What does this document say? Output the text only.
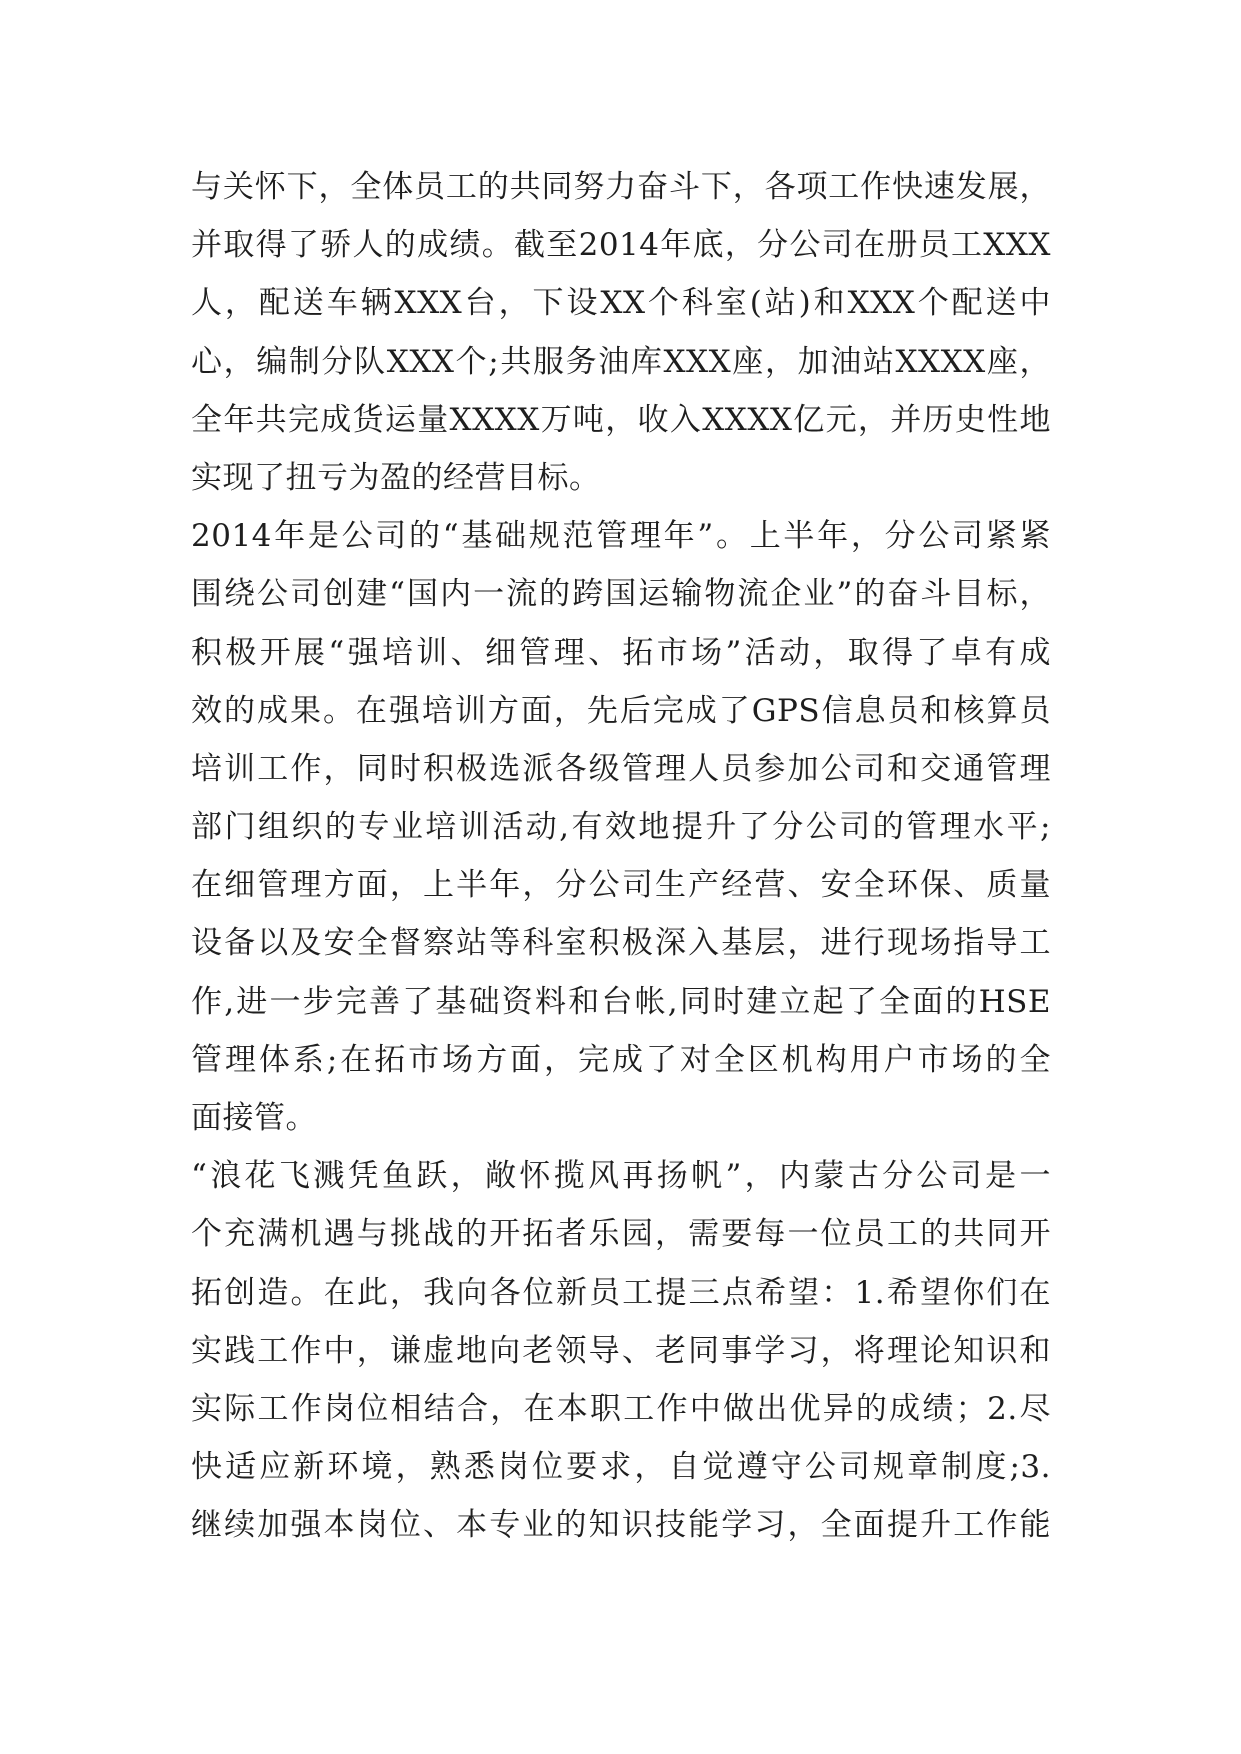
与关怀下，全体员工的共同努力奋斗下，各项工作快速发展，
并取得了骄人的成绩。截至2014年底，分公司在册员工XXX
人，配送车辆XXX台，下设XX个科室(站)和XXX个配送中
心，编制分队XXX个;共服务油库XXX座，加油站XXXX座，
全年共完成货运量XXXX万吨，收入XXXX亿元，并历史性地
实现了扭亏为盈的经营目标。
2014年是公司的“基础规范管理年”。上半年，分公司紧紧
围绕公司创建“国内一流的跨国运输物流企业”的奋斗目标，
积极开展“强培训、细管理、拓市场”活动，取得了卓有成
效的成果。在强培训方面，先后完成了GPS信息员和核算员
培训工作，同时积极选派各级管理人员参加公司和交通管理
部门组织的专业培训活动,有效地提升了分公司的管理水平;
在细管理方面，上半年，分公司生产经营、安全环保、质量
设备以及安全督察站等科室积极深入基层，进行现场指导工
作,进一步完善了基础资料和台帐,同时建立起了全面的HSE
管理体系;在拓市场方面，完成了对全区机构用户市场的全
面接管。
“浪花飞溅凭鱼跃，敞怀揽风再扬帆”，内蒙古分公司是一
个充满机遇与挑战的开拓者乐园，需要每一位员工的共同开
拓创造。在此，我向各位新员工提三点希望：1.希望你们在
实践工作中，谦虚地向老领导、老同事学习，将理论知识和
实际工作岗位相结合，在本职工作中做出优异的成绩；2.尽
快适应新环境，熟悉岗位要求，自觉遵守公司规章制度;3.
继续加强本岗位、本专业的知识技能学习，全面提升工作能
